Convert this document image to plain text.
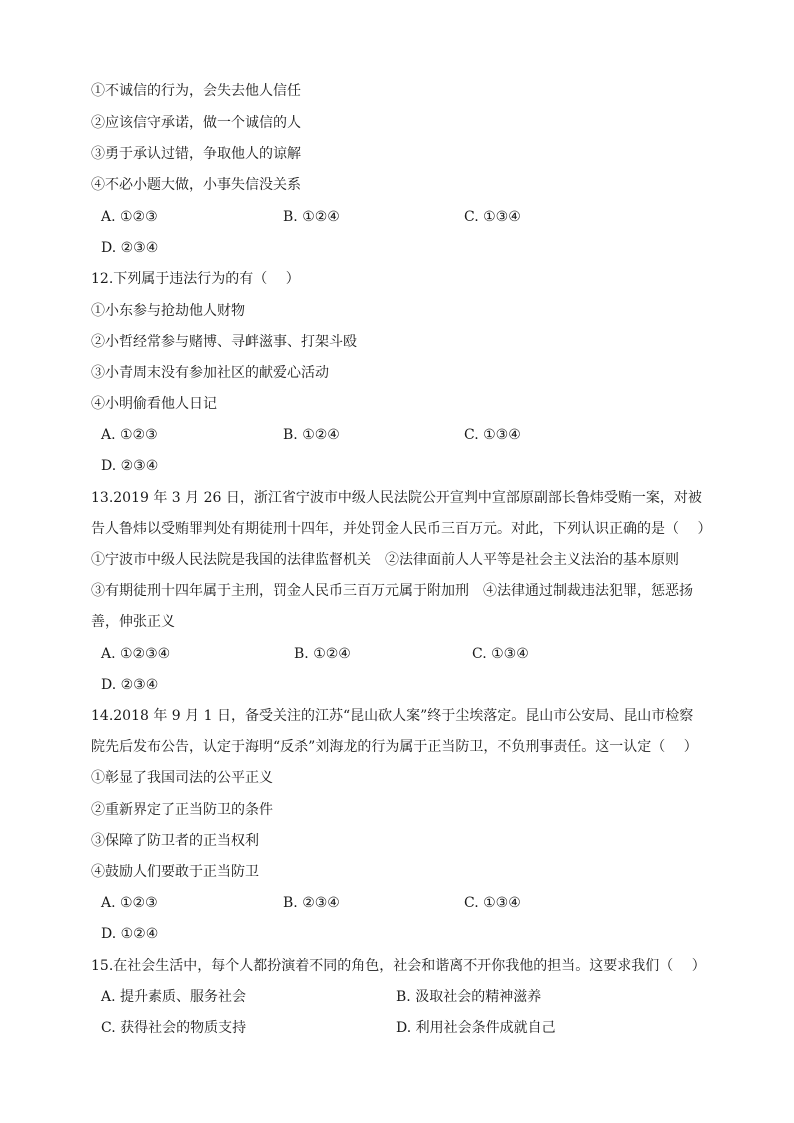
①不诚信的行为，会失去他人信任
②应该信守承诺，做一个诚信的人
③勇于承认过错，争取他人的谅解
④不必小题大做，小事失信没关系
A. ①②③	B. ①②④	C. ①③④
D. ②③④
12.下列属于违法行为的有（　 ）
①小东参与抢劫他人财物
②小哲经常参与赌博、寻衅滋事、打架斗殴
③小青周末没有参加社区的献爱心活动
④小明偷看他人日记
A. ①②③	B. ①②④	C. ①③④
D. ②③④
13.2019 年 3 月 26 日，浙江省宁波市中级人民法院公开宣判中宣部原副部长鲁炜受贿一案，对被告人鲁炜以受贿罪判处有期徒刑十四年，并处罚金人民币三百万元。对此，下列认识正确的是（　 ）
①宁波市中级人民法院是我国的法律监督机关　②法律面前人人平等是社会主义法治的基本原则
③有期徒刑十四年属于主刑，罚金人民币三百万元属于附加刑　④法律通过制裁违法犯罪，惩恶扬善，伸张正义
A. ①②③④	B. ①②④	C. ①③④
D. ②③④
14.2018 年 9 月 1 日，备受关注的江苏“昆山砍人案”终于尘埃落定。昆山市公安局、昆山市检察院先后发布公告，认定于海明“反杀”刘海龙的行为属于正当防卫，不负刑事责任。这一认定（　 ）
①彰显了我国司法的公平正义
②重新界定了正当防卫的条件
③保障了防卫者的正当权利
④鼓励人们要敢于正当防卫
A. ①②③	B. ②③④	C. ①③④
D. ①②④
15.在社会生活中，每个人都扮演着不同的角色，社会和谐离不开你我他的担当。这要求我们（　 ）
A. 提升素质、服务社会	B. 汲取社会的精神滋养
C. 获得社会的物质支持	D. 利用社会条件成就自己
